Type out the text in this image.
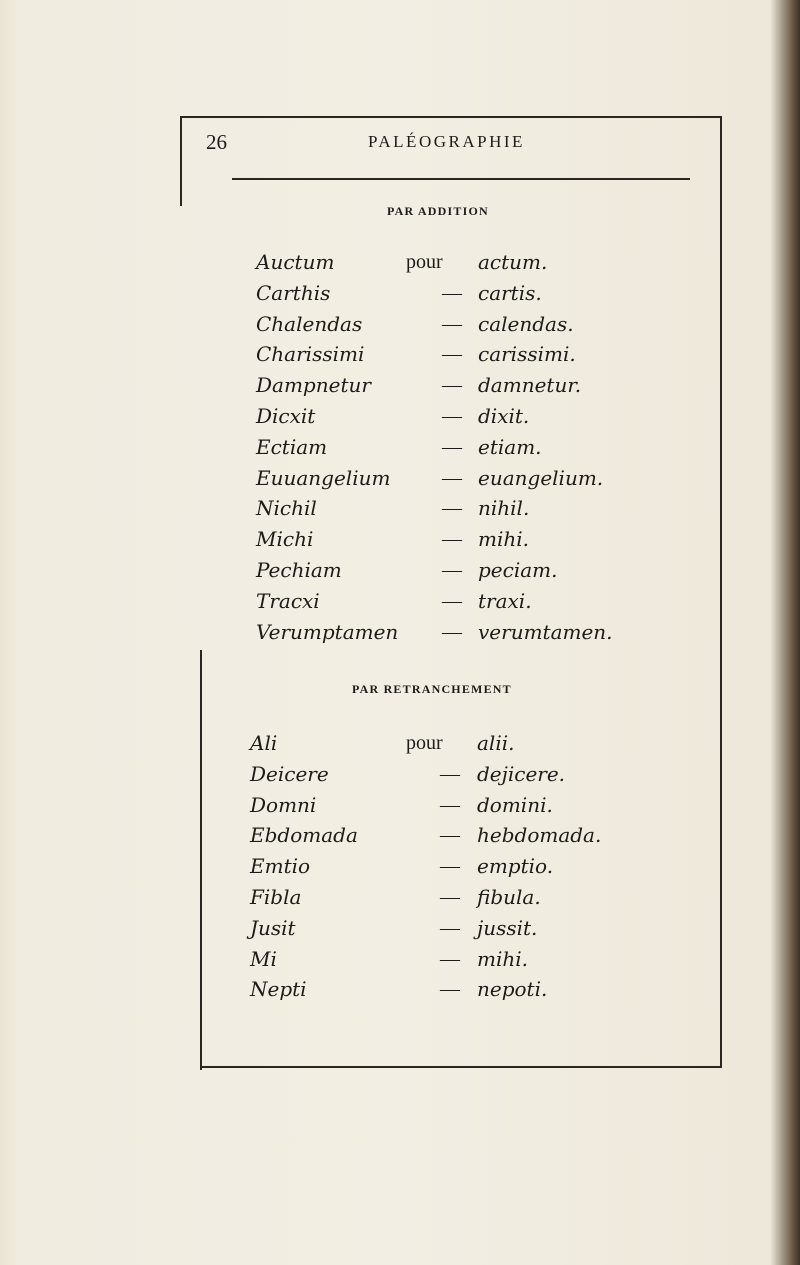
26	PALÉOGRAPHIE
PAR ADDITION
PAR RETRANCHEMENT
Auctum	pour actum.
Carthis	— cartis.
Chalendas	— calendas.
Charissimi	— carissimi.
Dampnetur	— damnetur.
Dicxit	— dixit.
Ectiam	— etiam.
Euuangelium	— euangelium.
Nichil	— nihil.
Michi	— mihi.
Pechiam	— peciam.
Tracxi	— traxi.
Verumptamen — verumtamen.
Ali	pour alii.
Deicere	— dejicere.
Domni	— domini.
Ebdomada	— hebdomada.
Emtio	— emptio.
Fibla	— fibula.
Jusit	— jussit.
Mi	— mihi.
Nepti	— nepoti.
